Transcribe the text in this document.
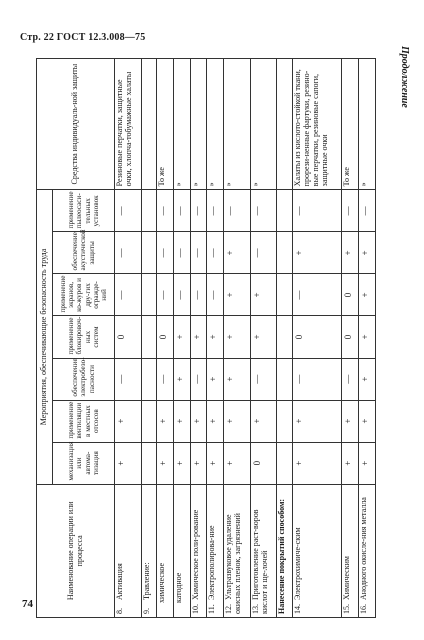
Стр. 22 ГОСТ 12.3.008—75
Продолжение
Наименование операции или процесса	Мероприятия, обеспечивающие безопасность труда							Средства индивидуаль-ной защиты
	механизация или автома-тизация	применение вентиляции в местных отсосов	обеспечение электробезо-пасности	применение блокировоч-ных систем	применение экранов, ко-журов и дру-гих огражде-ний	обеспечение акустической защиты	применение пылеосаси-тельных установок	
8.Активация	+	+	—	0	—	—	—	Резиновые перчатки, защитные очки, хлопча-тобумажные халаты
9.Травление:								
химическое	+	+	—	0	—	—	—	То же
катодное	+	+	+	+	—	—	—	»
10.Химическое поли-рование	+	+	—	+	—	—	—	»
11.Электрополирова-ние	+	+	+	+	—	—	—	»
12.Ультразвуковое удаление окисных пленок, загрязнений	+	+	+	+	+	+	—	»
13.Приготовление раст-воров кислот и ще-лочей	0	+	—	+	+	—	—	»
Нанесение покрытий способом:								
14.Электрохимиче-ским	+	+	—	0	—	+	—	Халаты из кислото-стойкой ткани, прорези-ненные фартуки, резино-вые перчатки, резиновые сапоги, защитные очки
15.Химическим	+	+	—	0	0	+	—	То же
16.Анодного окисле-ния металла	+	+	+	+	+	+	—	»
74
